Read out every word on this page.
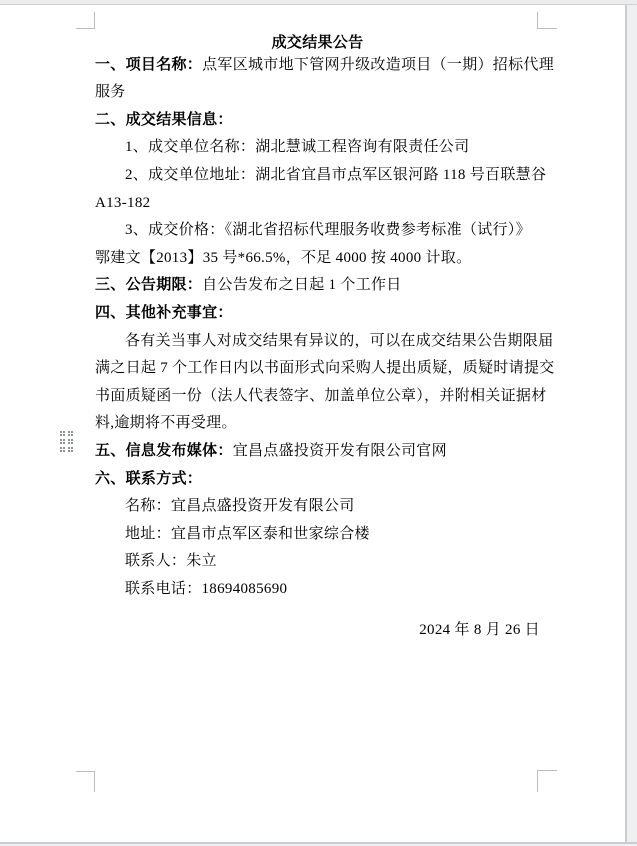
成交结果公告
一、项目名称：点军区城市地下管网升级改造项目（一期）招标代理
服务
二、成交结果信息：
1、成交单位名称：湖北慧诚工程咨询有限责任公司
2、成交单位地址：湖北省宜昌市点军区银河路 118 号百联慧谷
A13-182
3、成交价格：《湖北省招标代理服务收费参考标准（试行）》
鄂建文【2013】35 号*66.5%，不足 4000 按 4000 计取。
三、公告期限：自公告发布之日起 1 个工作日
四、其他补充事宜：
各有关当事人对成交结果有异议的，可以在成交结果公告期限届
满之日起 7 个工作日内以书面形式向采购人提出质疑，质疑时请提交
书面质疑函一份（法人代表签字、加盖单位公章），并附相关证据材
料,逾期将不再受理。
五、信息发布媒体：宜昌点盛投资开发有限公司官网
六、联系方式：
名称：宜昌点盛投资开发有限公司
地址：宜昌市点军区泰和世家综合楼
联系人：朱立
联系电话：18694085690
2024 年 8 月 26 日
